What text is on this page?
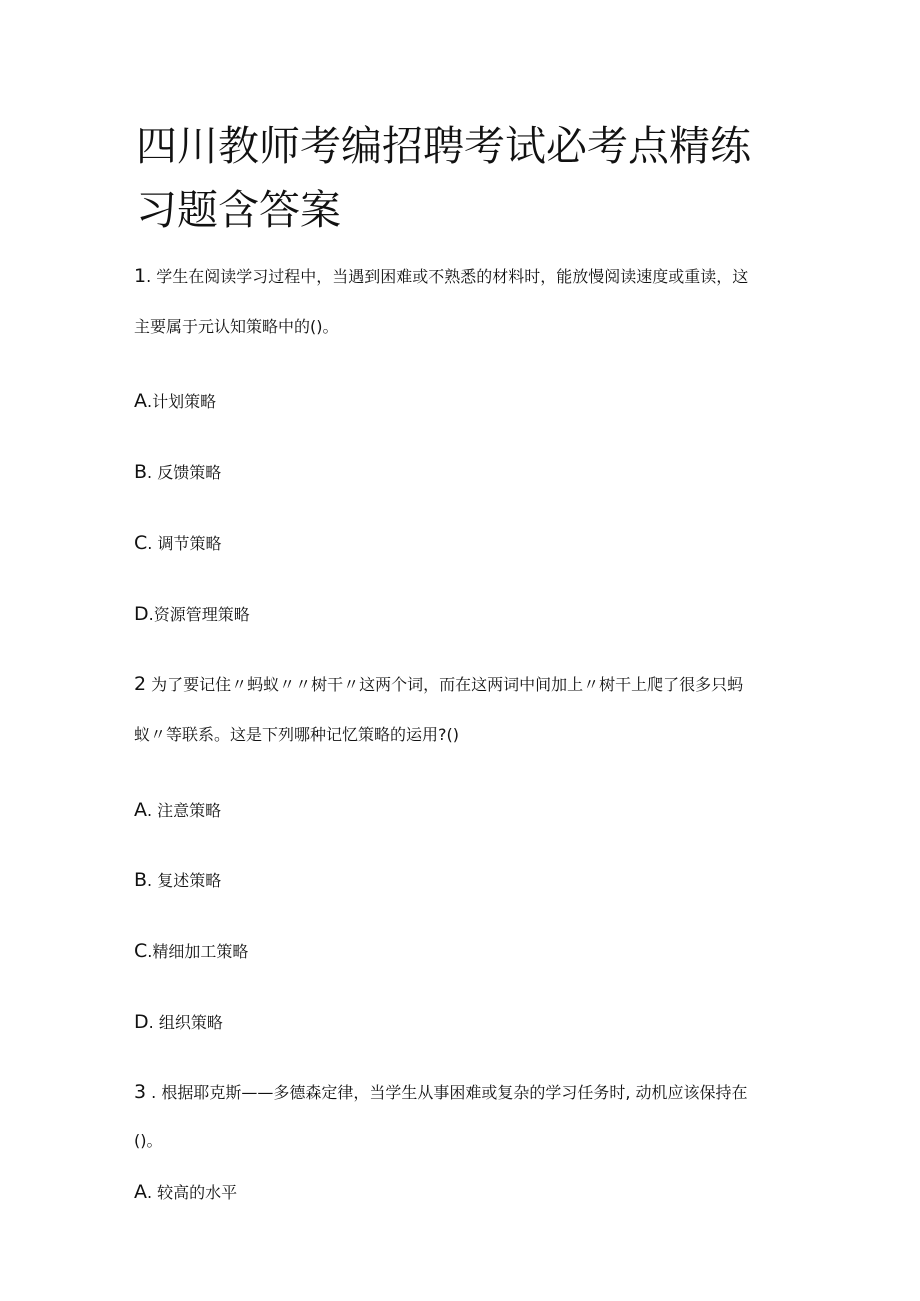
四川教师考编招聘考试必考点精练
习题含答案
1. 学生在阅读学习过程中，当遇到困难或不熟悉的材料时，能放慢阅读速度或重读，这
主要属于元认知策略中的()。
A.计划策略
B. 反馈策略
C. 调节策略
D.资源管理策略
2 为了要记住〃蚂蚁〃〃树干〃这两个词，而在这两词中间加上〃树干上爬了很多只蚂
蚁〃等联系。这是下列哪种记忆策略的运用?()
A. 注意策略
B. 复述策略
C.精细加工策略
D. 组织策略
3 . 根据耶克斯——多德森定律，当学生从事困难或复杂的学习任务时, 动机应该保持在
()。
A. 较高的水平
